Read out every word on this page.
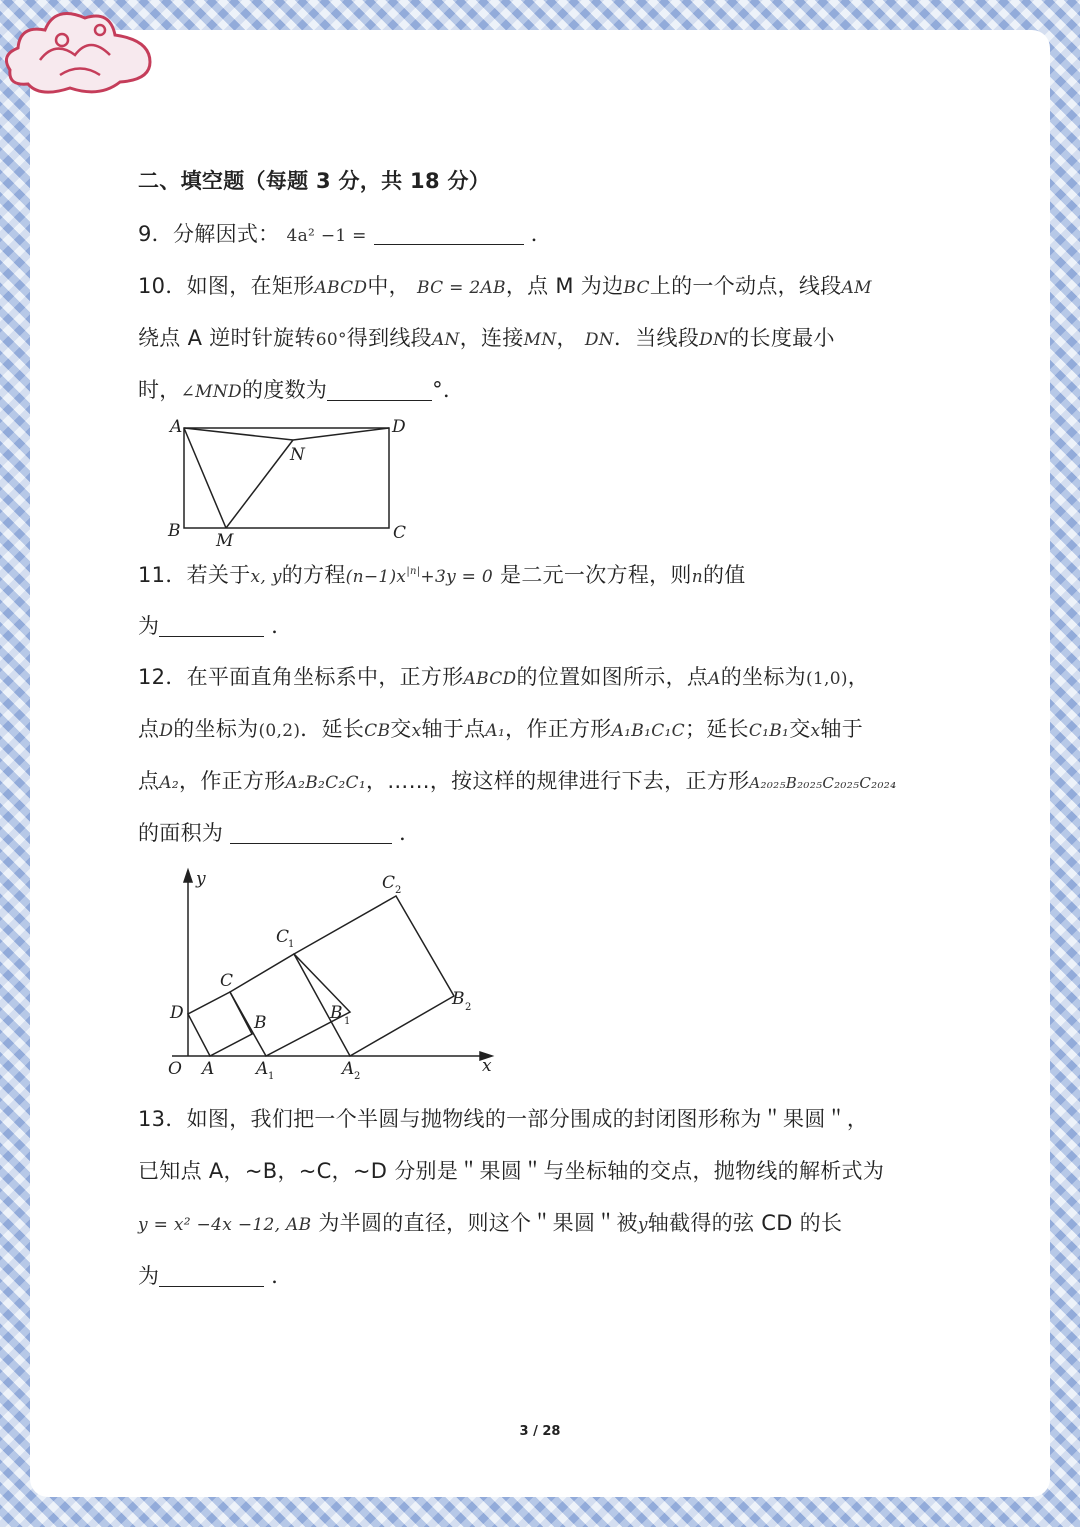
二、填空题（每题 3 分，共 18 分）
9．分解因式： 4a² −1 =	．
10．如图，在矩形ABCD中， BC = 2AB，点 M 为边BC上的一个动点，线段AM
绕点 A 逆时针旋转60°得到线段AN，连接MN， DN．当线段DN的长度最小
时，∠MND的度数为	°．
A	D
N
B M	C
11．若关于x, y的方程$(n-1)x^{|n|}+3y = 0$ 是二元一次方程，则n的值
为	．
12．在平面直角坐标系中，正方形ABCD的位置如图所示，点A的坐标为(1,0)，
点D的坐标为(0,2)．延长CB交x轴于点A₁，作正方形A₁B₁C₁C；延长C₁B₁交x轴于
点A₂，作正方形A₂B₂C₂C₁，……，按这样的规律进行下去，正方形A₂₀₂₅B₂₀₂₅C₂₀₂₅C₂₀₂₄
的面积为	．
y
x
O A A 1	A 2
B	B 1
B 2
C
C
1
C 2
D
13．如图，我们把一个半圆与抛物线的一部分围成的封闭图形称为＂果圆＂，
已知点 A，~B，~C，~D 分别是＂果圆＂与坐标轴的交点，抛物线的解析式为
y = x² −4x −12, AB 为半圆的直径，则这个＂果圆＂被y轴截得的弦 CD 的长
为	．
3 / 28
